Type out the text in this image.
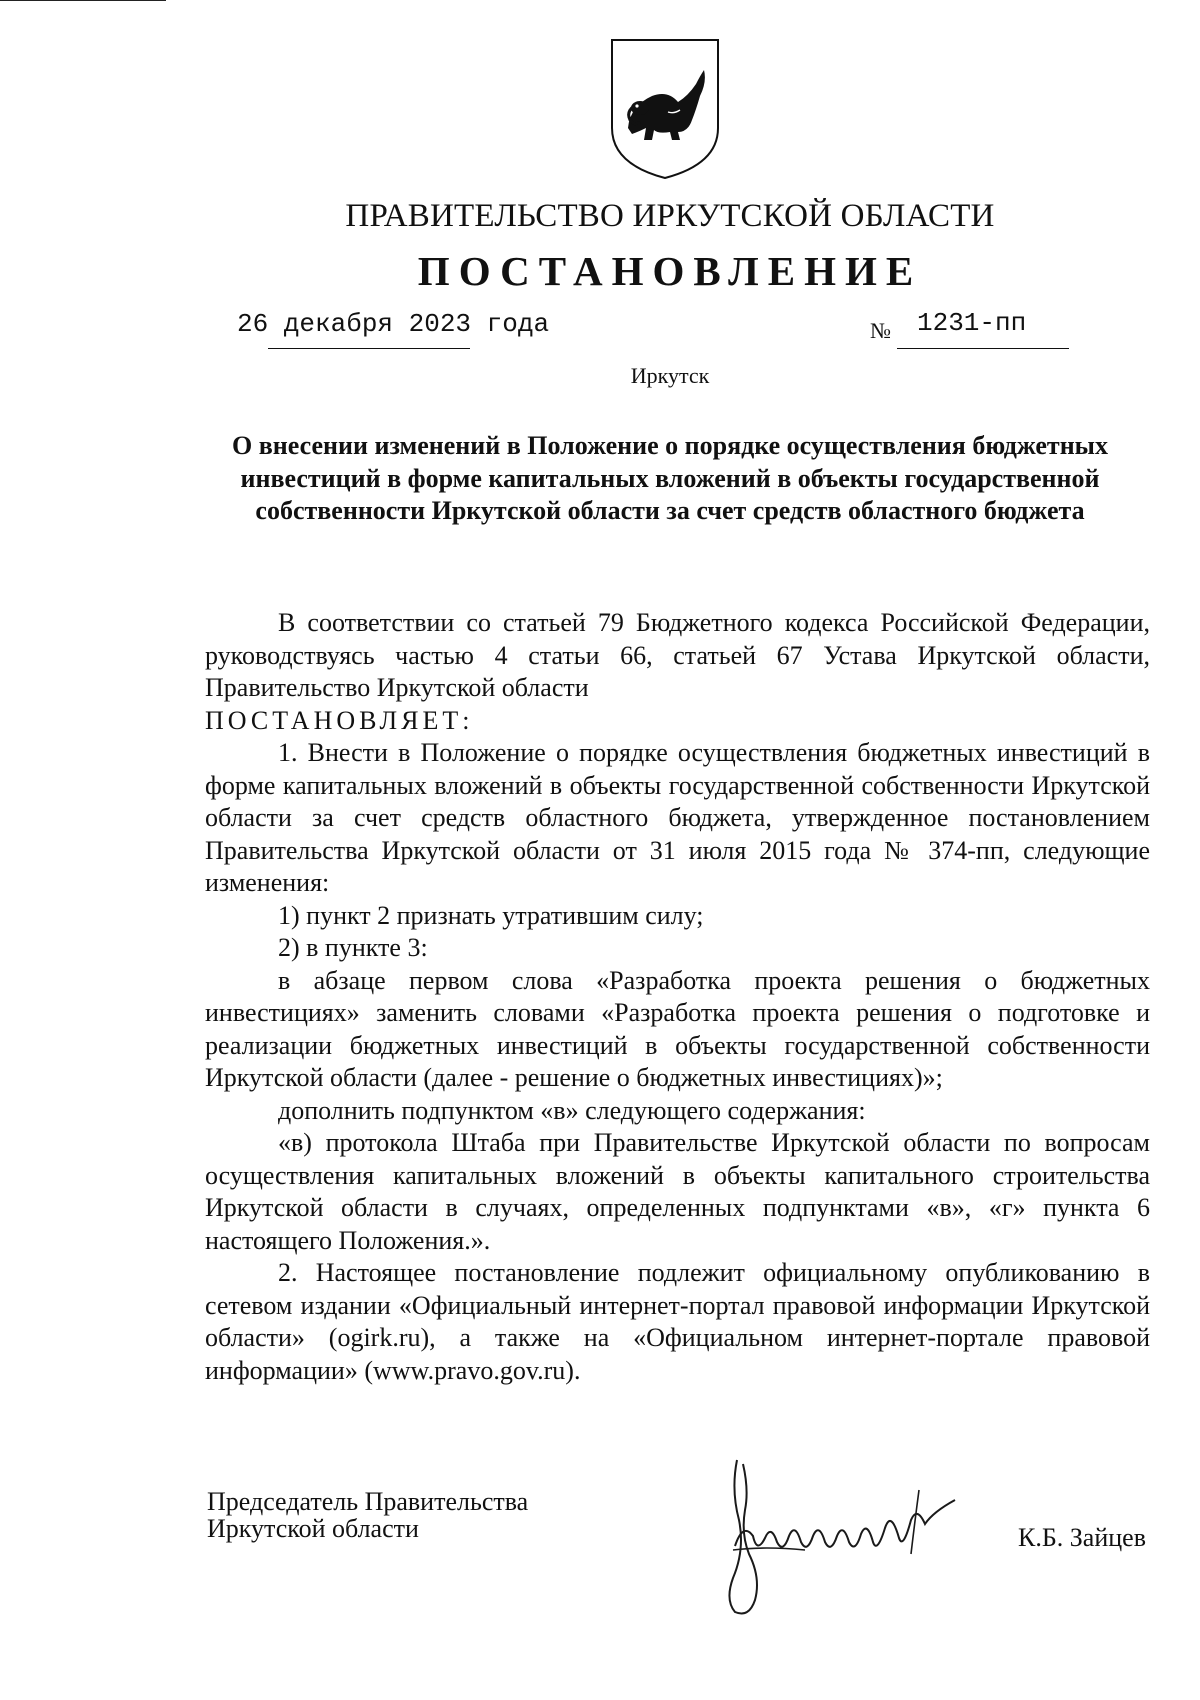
ПРАВИТЕЛЬСТВО ИРКУТСКОЙ ОБЛАСТИ
ПОСТАНОВЛЕНИЕ
26 декабря 2023 года	№ 1231-пп
Иркутск
О внесении изменений в Положение о порядке осуществления бюджетных инвестиций в форме капитальных вложений в объекты государственной собственности Иркутской области за счет средств областного бюджета

В соответствии со статьей 79 Бюджетного кодекса Российской Федерации, руководствуясь частью 4 статьи 66, статьей 67 Устава Иркутской области, Правительство Иркутской области

ПОСТАНОВЛЯЕТ:

1. Внести в Положение о порядке осуществления бюджетных инвестиций в форме капитальных вложений в объекты государственной собственности Иркутской области за счет средств областного бюджета, утвержденное постановлением Правительства Иркутской области от 31 июля 2015 года № 374-пп, следующие изменения:

1) пункт 2 признать утратившим силу;

2) в пункте 3:

в абзаце первом слова «Разработка проекта решения о бюджетных инвестициях» заменить словами «Разработка проекта решения о подготовке и реализации бюджетных инвестиций в объекты государственной собственности Иркутской области (далее - решение о бюджетных инвестициях)»;

дополнить подпунктом «в» следующего содержания:

«в) протокола Штаба при Правительстве Иркутской области по вопросам осуществления капитальных вложений в объекты капитального строительства Иркутской области в случаях, определенных подпунктами «в», «г» пункта 6 настоящего Положения.».

2. Настоящее постановление подлежит официальному опубликованию в сетевом издании «Официальный интернет-портал правовой информации Иркутской области» (ogirk.ru), а также на «Официальном интернет-портале правовой информации» (www.pravo.gov.ru).

Председатель Правительства
Иркутской области	К.Б. Зайцев
